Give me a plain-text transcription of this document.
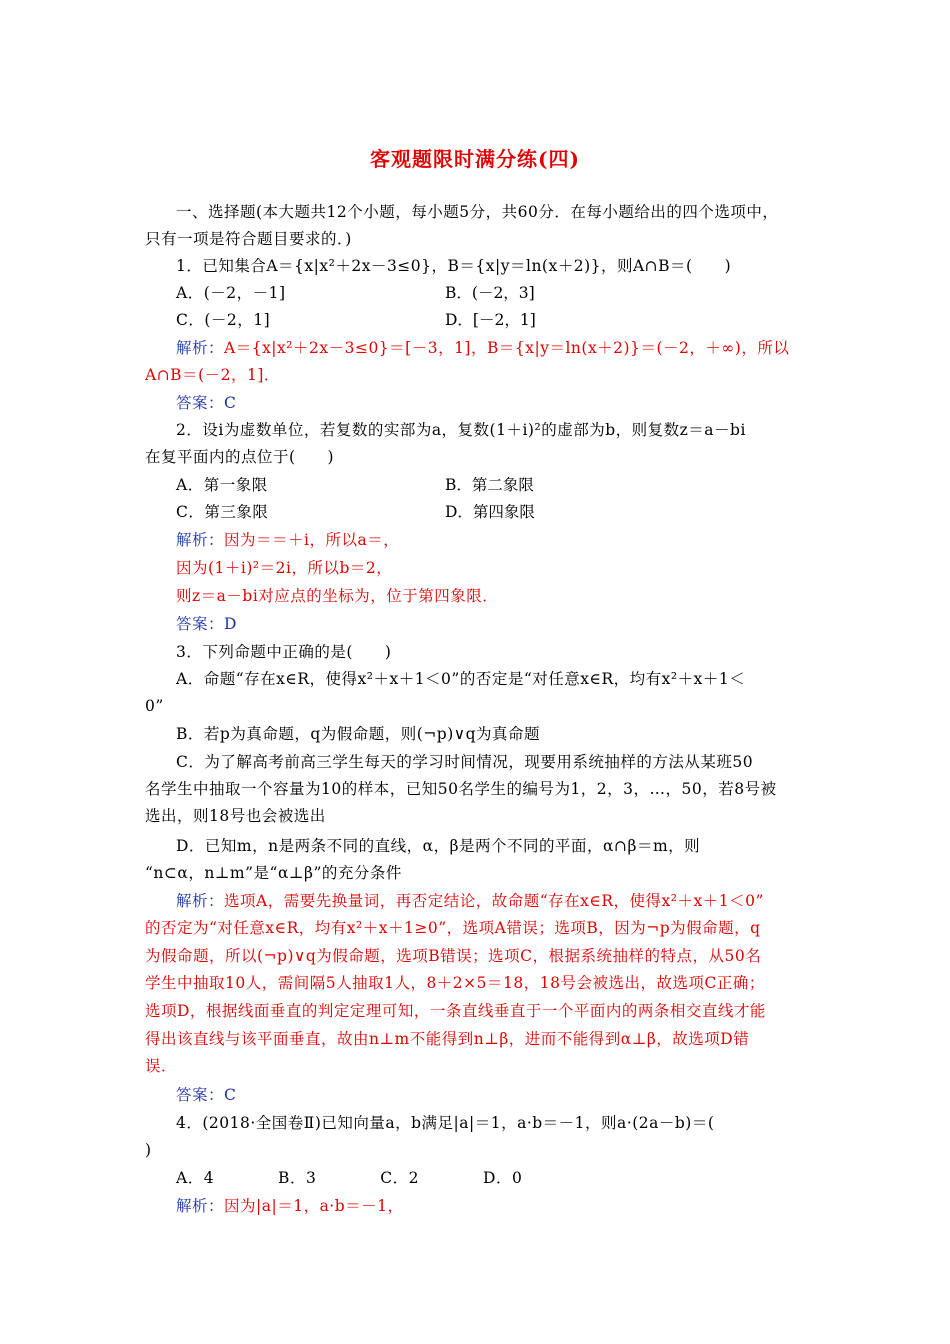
客观题限时满分练(四)
一、选择题(本大题共12个小题，每小题5分，共60分．在每小题给出的四个选项中，
只有一项是符合题目要求的．)
1．已知集合A＝{x|x²＋2x－3≤0}，B＝{x|y＝ln(x＋2)}，则A∩B＝(　　)
A．(－2，－1]	B．(－2，3]
C．(－2，1]	D．[－2，1]
解析：A＝{x|x²＋2x－3≤0}＝[－3，1]，B＝{x|y＝ln(x＋2)}＝(－2，＋∞)，所以
A∩B＝(－2，1]．
答案：C
2．设i为虚数单位，若复数的实部为a，复数(1＋i)²的虚部为b，则复数z＝a－bi
在复平面内的点位于(　　)
A．第一象限	B．第二象限
C．第三象限	D．第四象限
解析：因为＝＝＋i，所以a＝，
因为(1＋i)²＝2i，所以b＝2，
则z＝a－bi对应点的坐标为，位于第四象限．
答案：D
3．下列命题中正确的是(　　)
A．命题“存在x∈R，使得x²＋x＋1＜0”的否定是“对任意x∈R，均有x²＋x＋1＜
0”
B．若p为真命题，q为假命题，则(¬p)∨q为真命题
C．为了解高考前高三学生每天的学习时间情况，现要用系统抽样的方法从某班50
名学生中抽取一个容量为10的样本，已知50名学生的编号为1，2，3，…，50，若8号被
选出，则18号也会被选出
D．已知m，n是两条不同的直线，α，β是两个不同的平面，α∩β＝m，则
“n⊂α，n⊥m”是“α⊥β”的充分条件
解析：选项A，需要先换量词，再否定结论，故命题“存在x∈R，使得x²＋x＋1＜0”
的否定为“对任意x∈R，均有x²＋x＋1≥0”，选项A错误；选项B，因为¬p为假命题，q
为假命题，所以(¬p)∨q为假命题，选项B错误；选项C，根据系统抽样的特点，从50名
学生中抽取10人，需间隔5人抽取1人，8＋2×5＝18，18号会被选出，故选项C正确；
选项D，根据线面垂直的判定定理可知，一条直线垂直于一个平面内的两条相交直线才能
得出该直线与该平面垂直，故由n⊥m不能得到n⊥β，进而不能得到α⊥β，故选项D错
误．
答案：C
4．(2018·全国卷Ⅱ)已知向量a，b满足|a|＝1，a·b＝－1，则a·(2a－b)＝(
)
A．4　　　　B．3　　　　C．2　　　　D．0
解析：因为|a|＝1，a·b＝－1，
